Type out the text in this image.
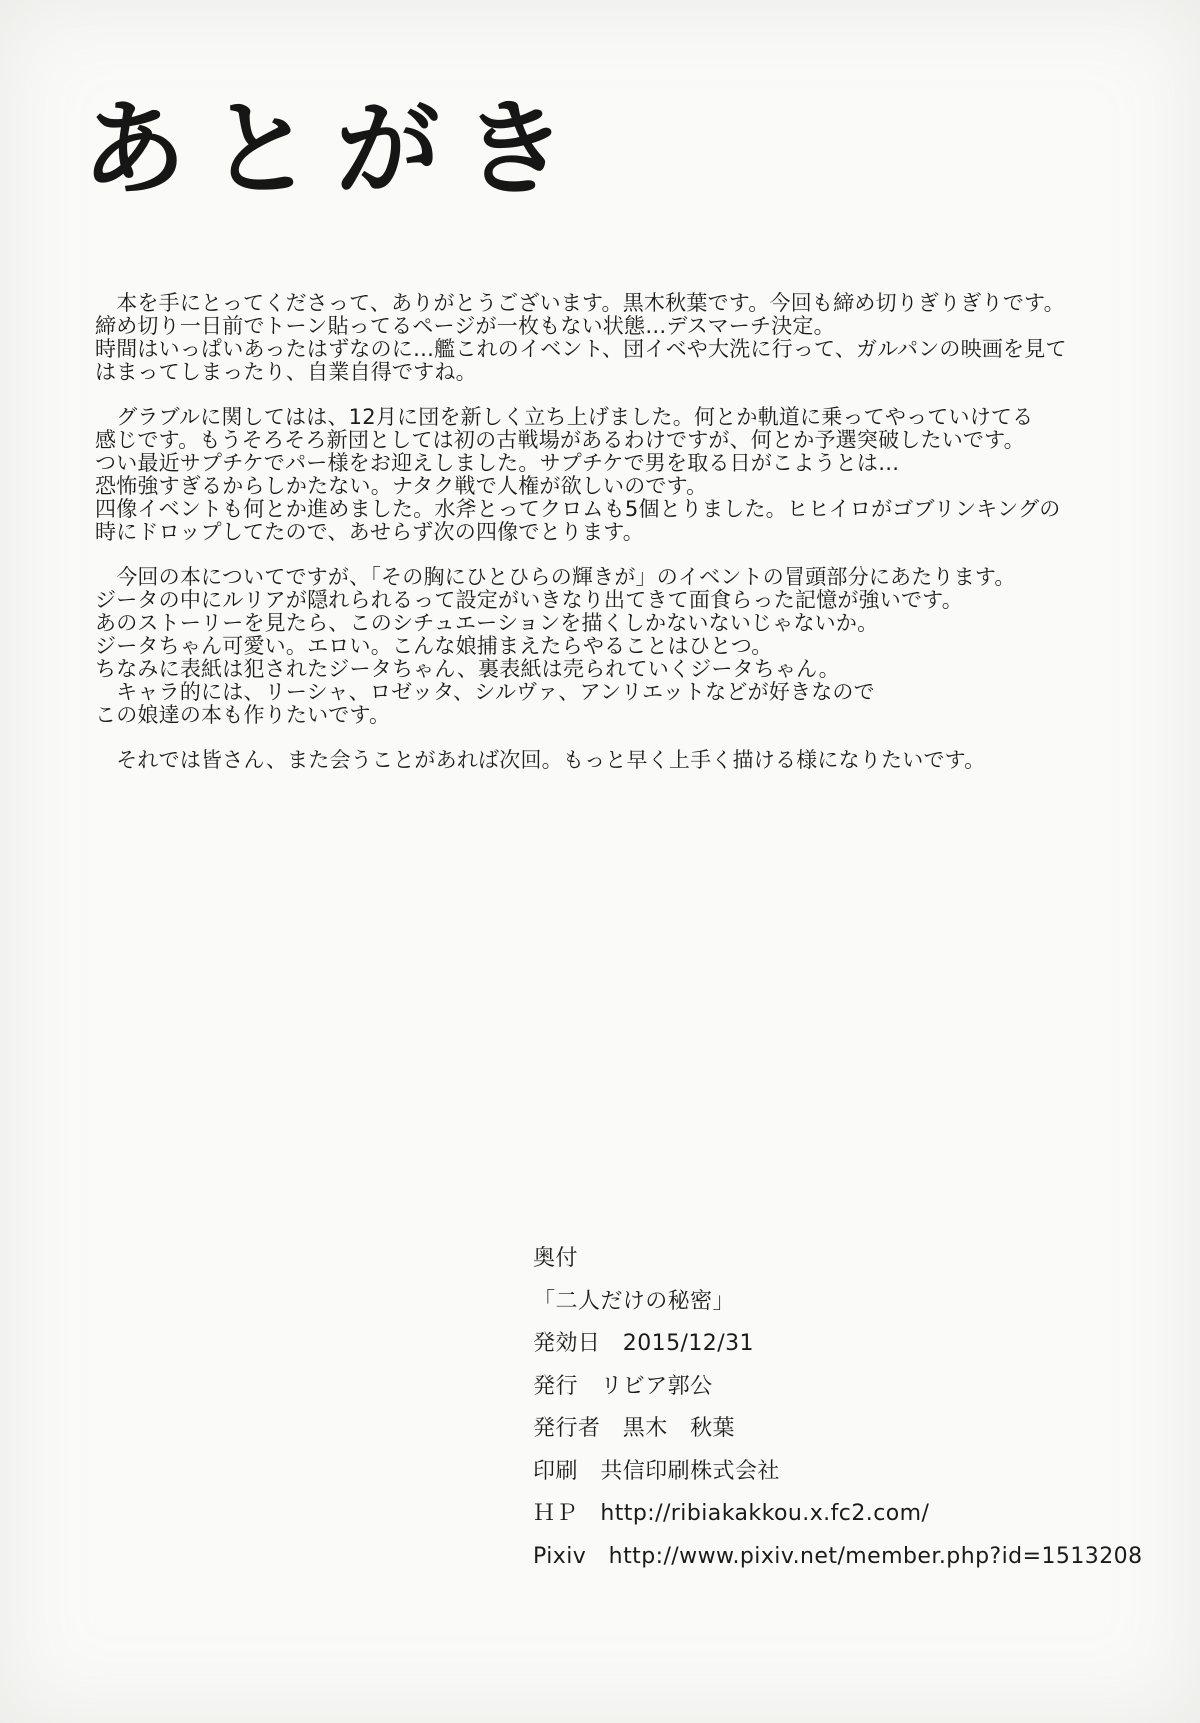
あとがき
　本を手にとってくださって、ありがとうございます。黒木秋葉です。今回も締め切りぎりぎりです。
締め切り一日前でトーン貼ってるページが一枚もない状態…デスマーチ決定。
時間はいっぱいあったはずなのに…艦これのイベント、団イベや大洗に行って、ガルパンの映画を見て
はまってしまったり、自業自得ですね。
　グラブルに関してはは、12月に団を新しく立ち上げました。何とか軌道に乗ってやっていけてる
感じです。もうそろそろ新団としては初の古戦場があるわけですが、何とか予選突破したいです。
つい最近サプチケでパー様をお迎えしました。サプチケで男を取る日がこようとは…
恐怖強すぎるからしかたない。ナタク戦で人権が欲しいのです。
四像イベントも何とか進めました。水斧とってクロムも5個とりました。ヒヒイロがゴブリンキングの
時にドロップしてたので、あせらず次の四像でとります。
　今回の本についてですが、「その胸にひとひらの輝きが」のイベントの冒頭部分にあたります。
ジータの中にルリアが隠れられるって設定がいきなり出てきて面食らった記憶が強いです。
あのストーリーを見たら、このシチュエーションを描くしかないないじゃないか。
ジータちゃん可愛い。エロい。こんな娘捕まえたらやることはひとつ。
ちなみに表紙は犯されたジータちゃん、裏表紙は売られていくジータちゃん。
　キャラ的には、リーシャ、ロゼッタ、シルヴァ、アンリエットなどが好きなので
この娘達の本も作りたいです。
　それでは皆さん、また会うことがあれば次回。もっと早く上手く描ける様になりたいです。
奥付
「二人だけの秘密」
発効日　2015/12/31
発行　リビア郭公
発行者　黒木　秋葉
印刷　共信印刷株式会社
ＨＰ　http://ribiakakkou.x.fc2.com/
Pixiv　http://www.pixiv.net/member.php?id=1513208
